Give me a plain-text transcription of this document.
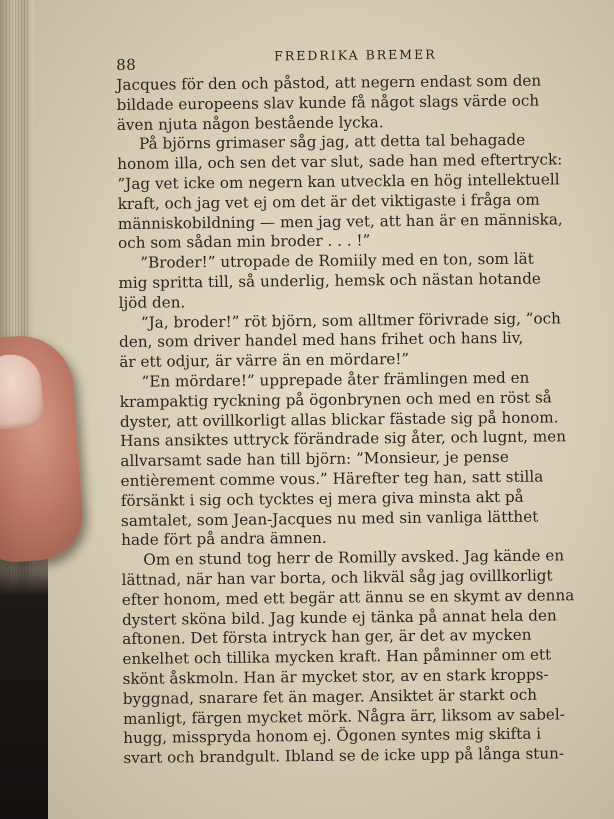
88
FREDRIKA BREMER
Jacques för den och påstod, att negern endast som den
bildade europeens slav kunde få något slags värde och
även njuta någon bestående lycka.
På björns grimaser såg jag, att detta tal behagade
honom illa, och sen det var slut, sade han med eftertryck:
”Jag vet icke om negern kan utveckla en hög intellektuell
kraft, och jag vet ej om det är det viktigaste i fråga om
människobildning — men jag vet, att han är en människa,
och som sådan min broder . . . !”
”Broder!” utropade de Romiily med en ton, som lät
mig spritta till, så underlig, hemsk och nästan hotande
ljöd den.
”Ja, broder!” röt björn, som alltmer förivrade sig, ”och
den, som driver handel med hans frihet och hans liv,
är ett odjur, är värre än en mördare!”
”En mördare!” upprepade åter främlingen med en
krampaktig ryckning på ögonbrynen och med en röst så
dyster, att ovillkorligt allas blickar fästade sig på honom.
Hans ansiktes uttryck förändrade sig åter, och lugnt, men
allvarsamt sade han till björn: ”Monsieur, je pense
entièrement comme vous.” Härefter teg han, satt stilla
försänkt i sig och tycktes ej mera giva minsta akt på
samtalet, som Jean-Jacques nu med sin vanliga lätthet
hade fört på andra ämnen.
Om en stund tog herr de Romilly avsked. Jag kände en
lättnad, när han var borta, och likväl såg jag ovillkorligt
efter honom, med ett begär att ännu se en skymt av denna
dystert sköna bild. Jag kunde ej tänka på annat hela den
aftonen. Det första intryck han ger, är det av mycken
enkelhet och tillika mycken kraft. Han påminner om ett
skönt åskmoln. Han är mycket stor, av en stark kropps-
byggnad, snarare fet än mager. Ansiktet är starkt och
manligt, färgen mycket mörk. Några ärr, liksom av sabel-
hugg, misspryda honom ej. Ögonen syntes mig skifta i
svart och brandgult. Ibland se de icke upp på långa stun-
